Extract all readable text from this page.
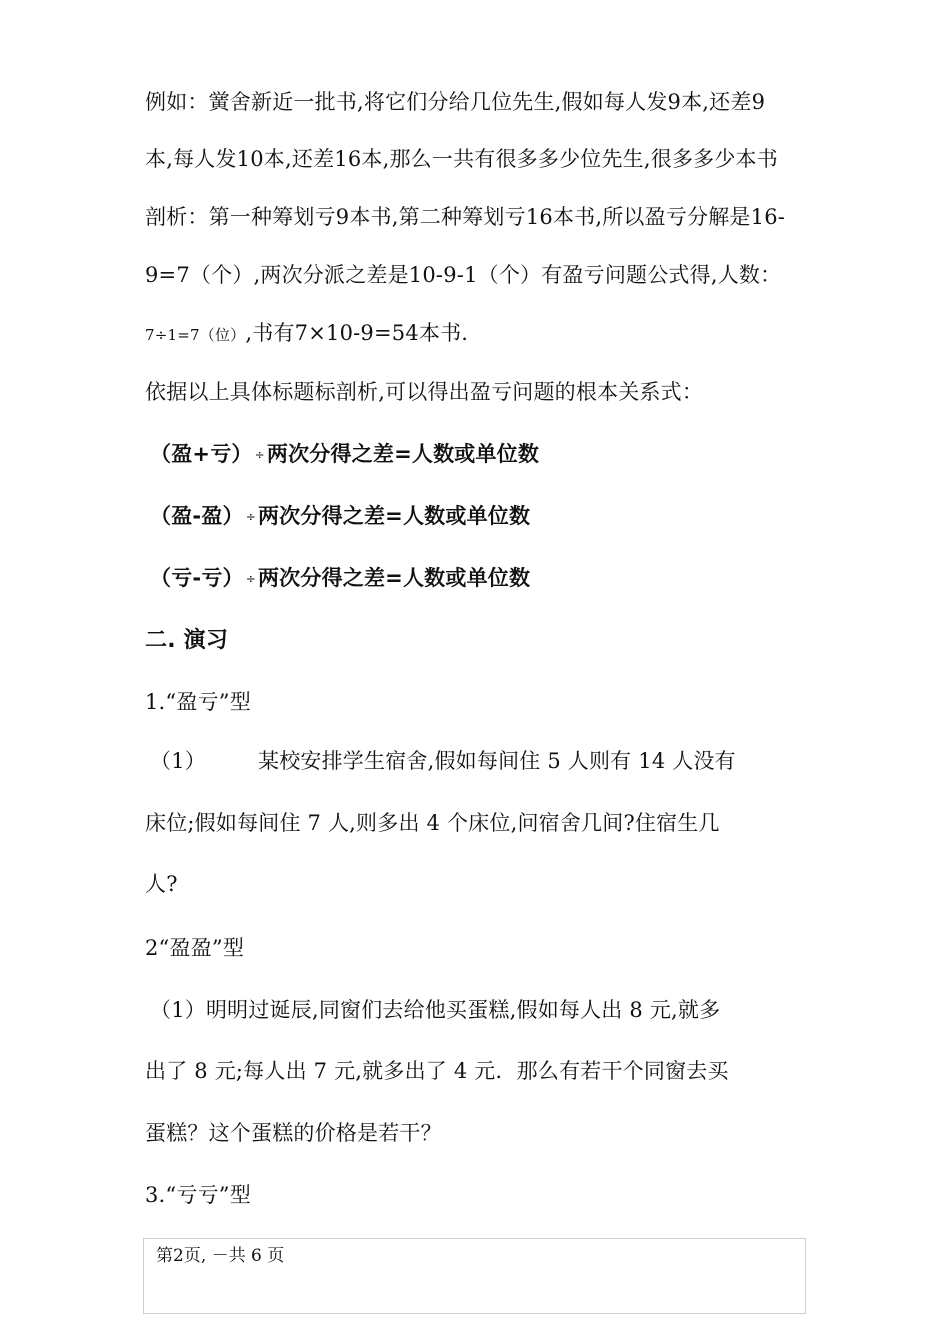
例如：黉舍新近一批书,将它们分给几位先生,假如每人发9本,还差9
本,每人发10本,还差16本,那么一共有很多多少位先生,很多多少本书
剖析：第一种筹划亏9本书,第二种筹划亏16本书,所以盈亏分解是16-
9=7（个）,两次分派之差是10-9-1（个）有盈亏问题公式得,人数：
7÷1=7（位）,书有7×10-9=54本书.
依据以上具体标题标剖析,可以得出盈亏问题的根本关系式：
（盈+亏） ÷两次分得之差=人数或单位数
（盈-盈） ÷两次分得之差=人数或单位数
（亏-亏） ÷两次分得之差=人数或单位数
二. 演习
1.“盈亏”型
（1） 某校安排学生宿舍,假如每间住 5 人则有 14 人没有
床位;假如每间住 7 人,则多出 4 个床位,问宿舍几间?住宿生几
人?
2“盈盈”型
（1）明明过诞辰,同窗们去给他买蛋糕,假如每人出 8 元,就多
出了 8 元;每人出 7 元,就多出了 4 元．那么有若干个同窗去买
蛋糕？这个蛋糕的价格是若干？
3.“亏亏”型
第2页, －共 6 页
